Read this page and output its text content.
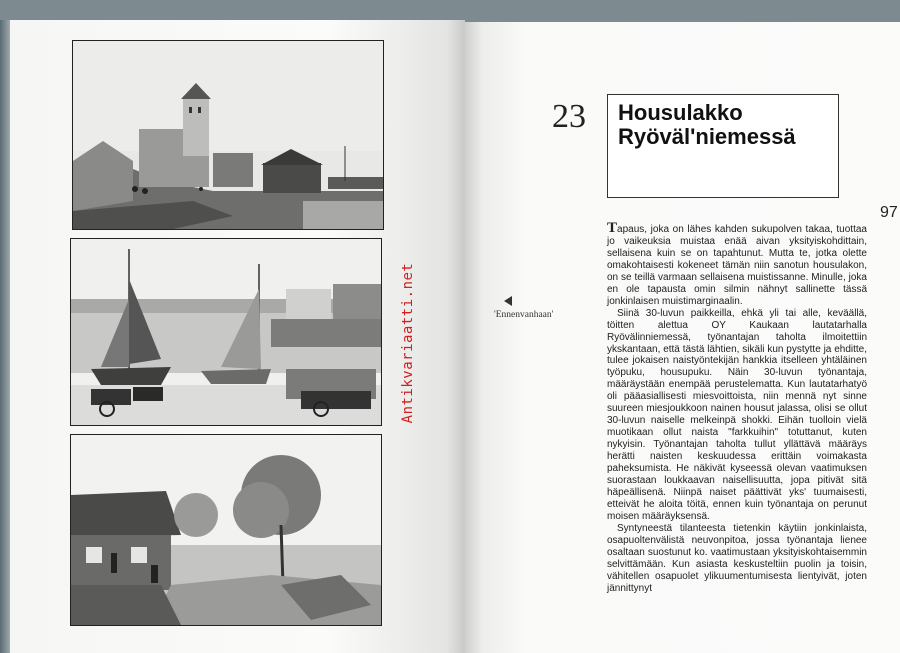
Antikvariaatti.net
23 Housulakko Ryöväl'niemessä
97
'Ennenvanhaan'

Tapaus, joka on lähes kahden sukupolven takaa, tuottaa jo vaikeuksia muistaa enää aivan yksityiskohdittain, sellaisena kuin se on tapahtunut. Mutta te, jotka olette omakohtaisesti kokeneet tämän niin sanotun housulakon, on se teillä varmaan sellaisena muistissanne. Minulle, joka en ole tapausta omin silmin nähnyt sallinette tässä jonkinlaisen muistimarginaalin.

Siinä 30-luvun paikkeilla, ehkä yli tai alle, keväällä, töitten alettua OY Kaukaan lautatarhalla Ryövälinniemessä, työnantajan taholta ilmoitettiin ykskantaan, että tästä lähtien, sikäli kun pystytte ja ehditte, tulee jokaisen naistyöntekijän hankkia itselleen yhtäläinen työpuku, housupuku. Näin 30-luvun työnantaja, määräystään enempää perustelematta. Kun lautatarhatyö oli pääasiallisesti miesvoittoista, niin mennä nyt sinne suureen miesjoukkoon nainen housut jalassa, olisi se ollut 30-luvun naiselle melkeinpä shokki. Eihän tuolloin vielä muotikaan ollut naista "farkkuihin" totuttanut, kuten nykyisin. Työnantajan taholta tullut yllättävä määräys herätti naisten keskuudessa erittäin voimakasta paheksumista. He näkivät kyseessä olevan vaatimuksen suorastaan loukkaavan naisellisuutta, jopa pitivät sitä häpeällisenä. Niinpä naiset päättivät yks' tuumaisesti, etteivät he aloita töitä, ennen kuin työnantaja on perunut moisen määräyksensä.

Syntyneestä tilanteesta tietenkin käytiin jonkinlaista, osapuoltenvälistä neuvonpitoa, jossa työnantaja lienee osaltaan suostunut ko. vaatimustaan yksityiskohtaisemmin selvittämään. Kun asiasta keskusteltiin puolin ja toisin, vähitellen osapuolet ylikuumentumisesta lientyivät, joten jännittynyt
